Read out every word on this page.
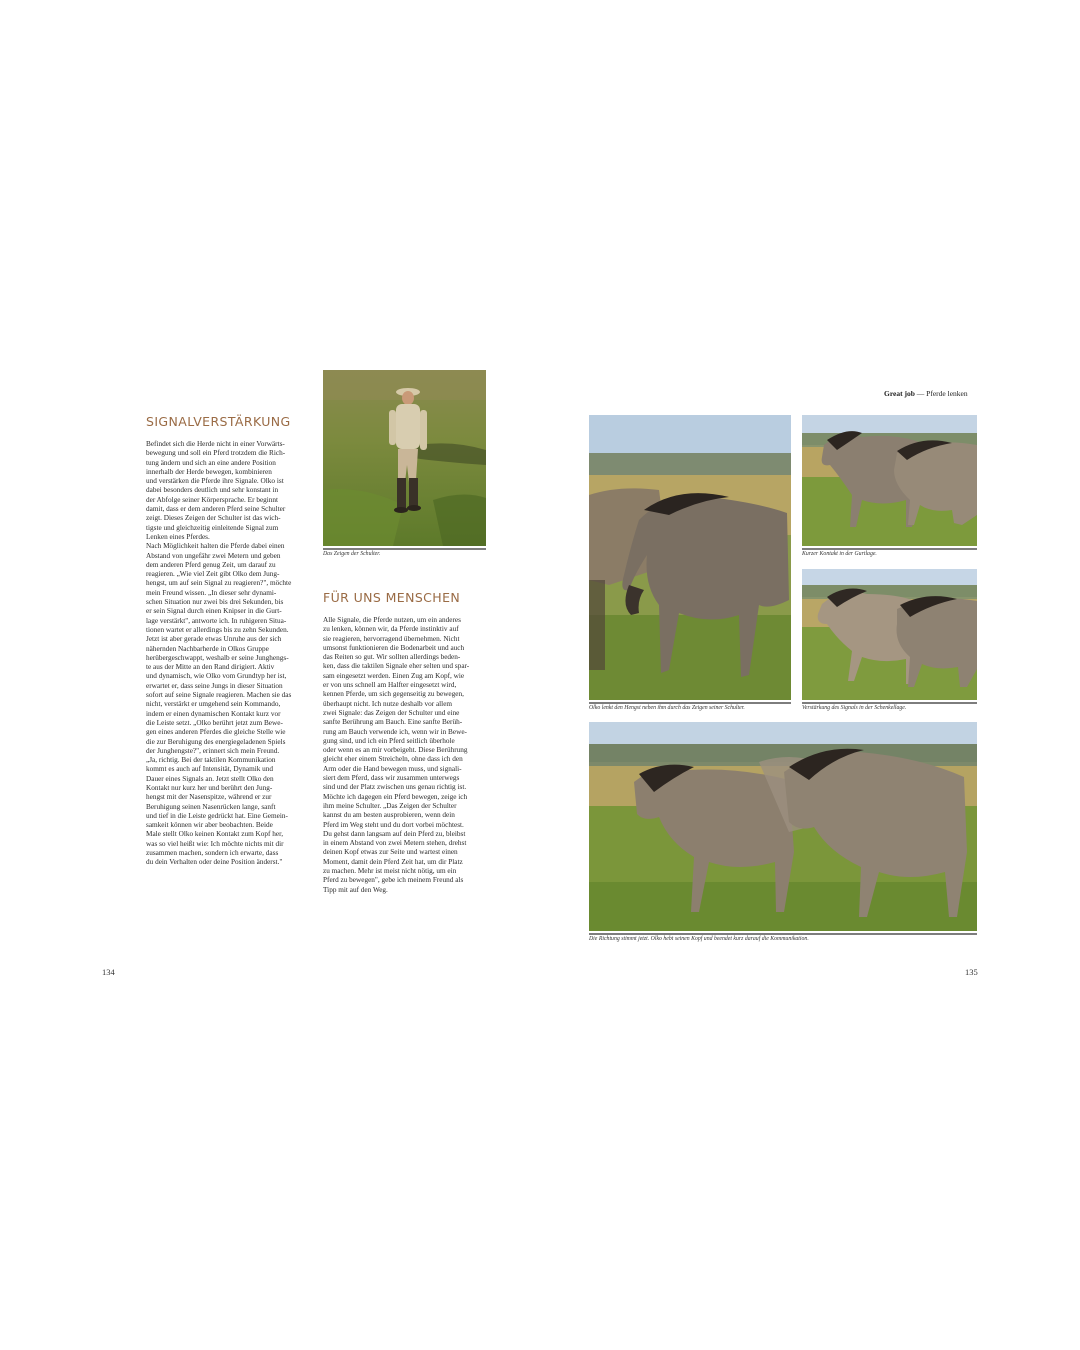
SIGNALVERSTÄRKUNG

Befindet sich die Herde nicht in einer Vorwärts-

bewegung und soll ein Pferd trotzdem die Rich-

tung ändern und sich an eine andere Position

innerhalb der Herde bewegen, kombinieren

und verstärken die Pferde ihre Signale. Olko ist

dabei besonders deutlich und sehr konstant in

der Abfolge seiner Körpersprache. Er beginnt

damit, dass er dem anderen Pferd seine Schulter

zeigt. Dieses Zeigen der Schulter ist das wich-

tigste und gleichzeitig einleitende Signal zum

Lenken eines Pferdes.

Nach Möglichkeit halten die Pferde dabei einen

Abstand von ungefähr zwei Metern und geben

dem anderen Pferd genug Zeit, um darauf zu

reagieren. „Wie viel Zeit gibt Olko dem Jung-

hengst, um auf sein Signal zu reagieren?", möchte

mein Freund wissen. „In dieser sehr dynami-

schen Situation nur zwei bis drei Sekunden, bis

er sein Signal durch einen Knipser in die Gurt-

lage verstärkt", antworte ich. In ruhigeren Situa-

tionen wartet er allerdings bis zu zehn Sekunden.

Jetzt ist aber gerade etwas Unruhe aus der sich

nähernden Nachbarherde in Olkos Gruppe

herübergeschwappt, weshalb er seine Junghengs-

te aus der Mitte an den Rand dirigiert. Aktiv

und dynamisch, wie Olko vom Grundtyp her ist,

erwartet er, dass seine Jungs in dieser Situation

sofort auf seine Signale reagieren. Machen sie das

nicht, verstärkt er umgehend sein Kommando,

indem er einen dynamischen Kontakt kurz vor

die Leiste setzt. „Olko berührt jetzt zum Bewe-

gen eines anderen Pferdes die gleiche Stelle wie

die zur Beruhigung des energiegeladenen Spiels

der Junghengste?", erinnert sich mein Freund.

„Ja, richtig. Bei der taktilen Kommunikation

kommt es auch auf Intensität, Dynamik und

Dauer eines Signals an. Jetzt stellt Olko den

Kontakt nur kurz her und berührt den Jung-

hengst mit der Nasenspitze, während er zur

Beruhigung seinen Nasenrücken lange, sanft

und tief in die Leiste gedrückt hat. Eine Gemein-

samkeit können wir aber beobachten. Beide

Male stellt Olko keinen Kontakt zum Kopf her,

was so viel heißt wie: Ich möchte nichts mit dir

zusammen machen, sondern ich erwarte, dass

du dein Verhalten oder deine Position änderst."

Das Zeigen der Schulter.
FÜR UNS MENSCHEN

Alle Signale, die Pferde nutzen, um ein anderes

zu lenken, können wir, da Pferde instinktiv auf

sie reagieren, hervorragend übernehmen. Nicht

umsonst funktionieren die Bodenarbeit und auch

das Reiten so gut. Wir sollten allerdings beden-

ken, dass die taktilen Signale eher selten und spar-

sam eingesetzt werden. Einen Zug am Kopf, wie

er von uns schnell am Halfter eingesetzt wird,

kennen Pferde, um sich gegenseitig zu bewegen,

überhaupt nicht. Ich nutze deshalb vor allem

zwei Signale: das Zeigen der Schulter und eine

sanfte Berührung am Bauch. Eine sanfte Berüh-

rung am Bauch verwende ich, wenn wir in Bewe-

gung sind, und ich ein Pferd seitlich überhole

oder wenn es an mir vorbeigeht. Diese Berührung

gleicht eher einem Streicheln, ohne dass ich den

Arm oder die Hand bewegen muss, und signali-

siert dem Pferd, dass wir zusammen unterwegs

sind und der Platz zwischen uns genau richtig ist.

Möchte ich dagegen ein Pferd bewegen, zeige ich

ihm meine Schulter. „Das Zeigen der Schulter

kannst du am besten ausprobieren, wenn dein

Pferd im Weg steht und du dort vorbei möchtest.

Du gehst dann langsam auf dein Pferd zu, bleibst

in einem Abstand von zwei Metern stehen, drehst

deinen Kopf etwas zur Seite und wartest einen

Moment, damit dein Pferd Zeit hat, um dir Platz

zu machen. Mehr ist meist nicht nötig, um ein

Pferd zu bewegen", gebe ich meinem Freund als

Tipp mit auf den Weg.

134
Great job — Pferde lenken
Olko lenkt den Hengst neben ihm durch das Zeigen seiner Schulter.
Kurzer Kontakt in der Gurtlage.
Verstärkung des Signals in der Schenkellage.
Die Richtung stimmt jetzt. Olko hebt seinen Kopf und beendet kurz darauf die Kommunikation.
135
